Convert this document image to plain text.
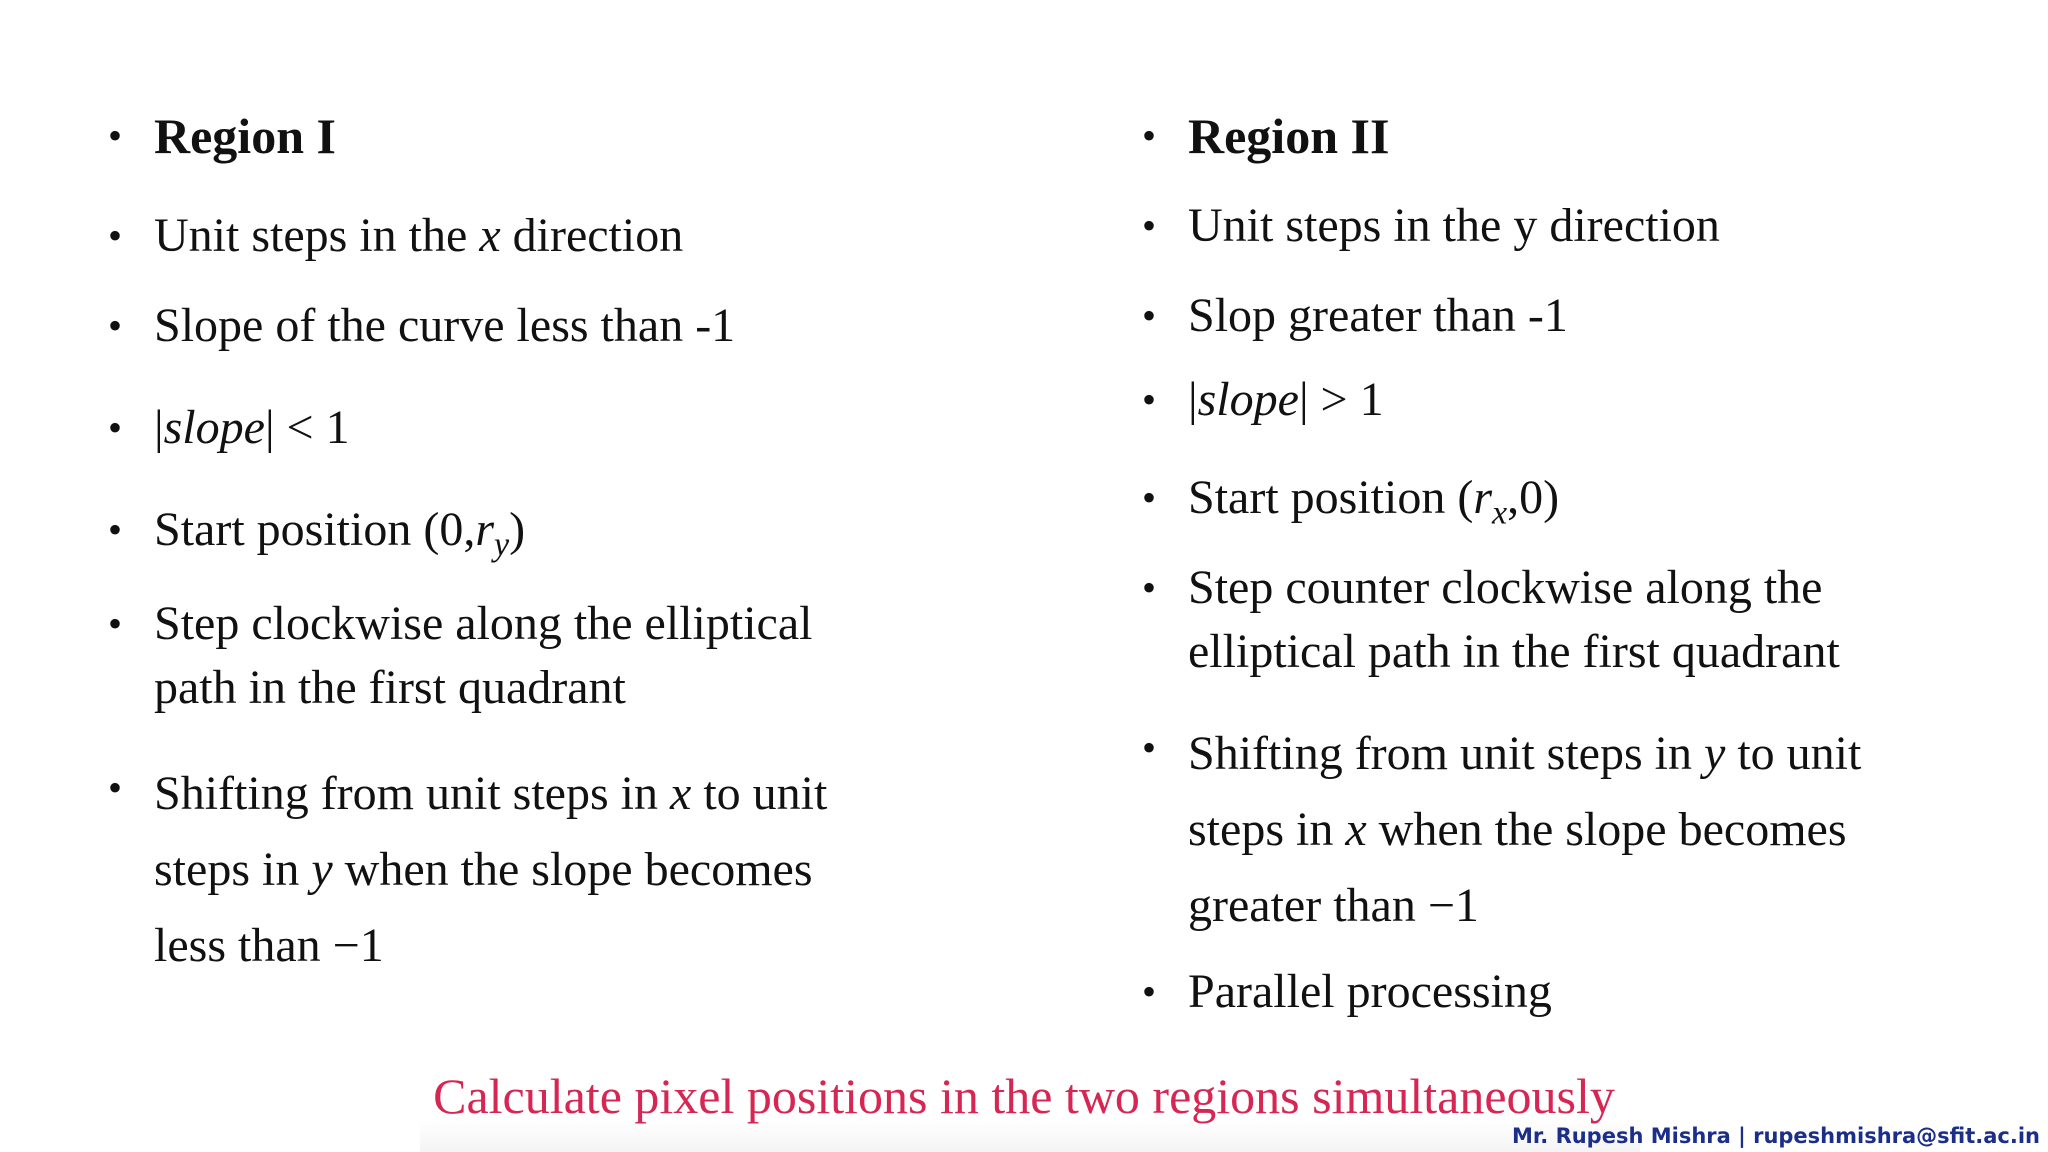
• Region I
• Unit steps in the x direction
• Slope of the curve less than -1
• |slope| < 1
• Start position $(0,r_y)$
• Step clockwise along the elliptical
path in the first quadrant
• Shifting from unit steps in x to unit
steps in y when the slope becomes
less than −1
• Region II
• Unit steps in the y direction
• Slop greater than -1
• |slope| > 1
• Start position $(r_x,0)$
• Step counter clockwise along the
elliptical path in the first quadrant
• Shifting from unit steps in y to unit
steps in x when the slope becomes
greater than −1
• Parallel processing
Calculate pixel positions in the two regions simultaneously
Mr. Rupesh Mishra | rupeshmishra@sfit.ac.in
